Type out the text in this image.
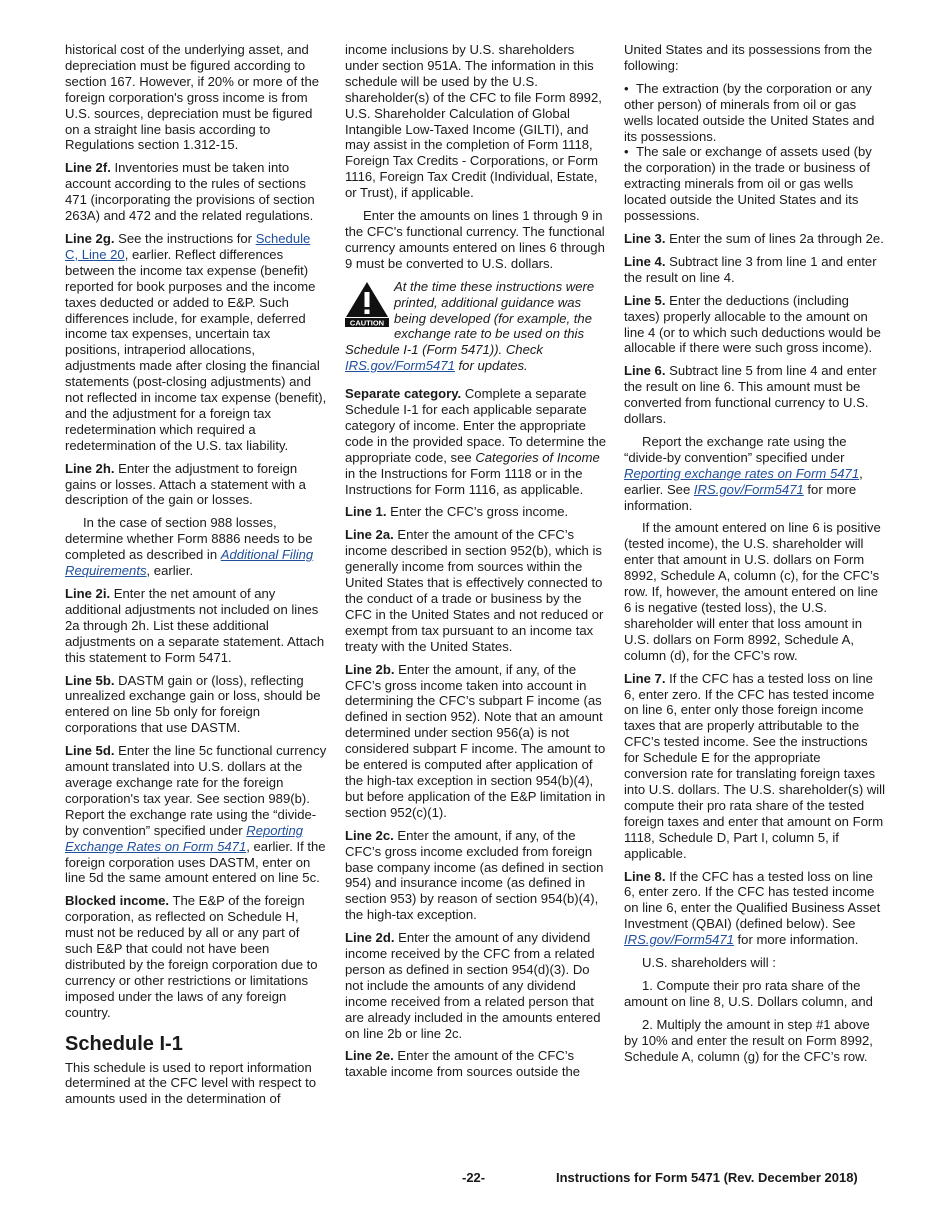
historical cost of the underlying asset, and depreciation must be figured according to section 167. However, if 20% or more of the foreign corporation's gross income is from U.S. sources, depreciation must be figured on a straight line basis according to Regulations section 1.312-15.

Line 2f. Inventories must be taken into account according to the rules of sections 471 (incorporating the provisions of section 263A) and 472 and the related regulations.

Line 2g. See the instructions for Schedule C, Line 20, earlier. Reflect differences between the income tax expense (benefit) reported for book purposes and the income taxes deducted or added to E&P. Such differences include, for example, deferred income tax expenses, uncertain tax positions, intraperiod allocations, adjustments made after closing the financial statements (post-closing adjustments) and not reflected in income tax expense (benefit), and the adjustment for a foreign tax redetermination which required a redetermination of the U.S. tax liability.

Line 2h. Enter the adjustment to foreign gains or losses. Attach a statement with a description of the gain or losses.

In the case of section 988 losses, determine whether Form 8886 needs to be completed as described in Additional Filing Requirements, earlier.

Line 2i. Enter the net amount of any additional adjustments not included on lines 2a through 2h. List these additional adjustments on a separate statement. Attach this statement to Form 5471.

Line 5b. DASTM gain or (loss), reflecting unrealized exchange gain or loss, should be entered on line 5b only for foreign corporations that use DASTM.

Line 5d. Enter the line 5c functional currency amount translated into U.S. dollars at the average exchange rate for the foreign corporation's tax year. See section 989(b). Report the exchange rate using the “divide-by convention” specified under Reporting Exchange Rates on Form 5471, earlier. If the foreign corporation uses DASTM, enter on line 5d the same amount entered on line 5c.

Blocked income. The E&P of the foreign corporation, as reflected on Schedule H, must not be reduced by all or any part of such E&P that could not have been distributed by the foreign corporation due to currency or other restrictions or limitations imposed under the laws of any foreign country.

Schedule I-1

This schedule is used to report information determined at the CFC level with respect to amounts used in the determination of

income inclusions by U.S. shareholders under section 951A. The information in this schedule will be used by the U.S. shareholder(s) of the CFC to file Form 8992, U.S. Shareholder Calculation of Global Intangible Low-Taxed Income (GILTI), and may assist in the completion of Form 1118, Foreign Tax Credits - Corporations, or Form 1116, Foreign Tax Credit (Individual, Estate, or Trust), if applicable.

Enter the amounts on lines 1 through 9 in the CFC's functional currency. The functional currency amounts entered on lines 6 through 9 must be converted to U.S. dollars.

CAUTION

At the time these instructions were printed, additional guidance was being developed (for example, the exchange rate to be used on this Schedule I-1 (Form 5471)). Check IRS.gov/Form5471 for updates.

Separate category. Complete a separate Schedule I-1 for each applicable separate category of income. Enter the appropriate code in the provided space. To determine the appropriate code, see Categories of Income in the Instructions for Form 1118 or in the Instructions for Form 1116, as applicable.

Line 1. Enter the CFC’s gross income.

Line 2a. Enter the amount of the CFC’s income described in section 952(b), which is generally income from sources within the United States that is effectively connected to the conduct of a trade or business by the CFC in the United States and not reduced or exempt from tax pursuant to an income tax treaty with the United States.

Line 2b. Enter the amount, if any, of the CFC’s gross income taken into account in determining the CFC’s subpart F income (as defined in section 952). Note that an amount determined under section 956(a) is not considered subpart F income. The amount to be entered is computed after application of the high-tax exception in section 954(b)(4), but before application of the E&P limitation in section 952(c)(1).

Line 2c. Enter the amount, if any, of the CFC’s gross income excluded from foreign base company income (as defined in section 954) and insurance income (as defined in section 953) by reason of section 954(b)(4), the high-tax exception.

Line 2d. Enter the amount of any dividend income received by the CFC from a related person as defined in section 954(d)(3). Do not include the amounts of any dividend income received from a related person that are already included in the amounts entered on line 2b or line 2c.

Line 2e. Enter the amount of the CFC’s taxable income from sources outside the

United States and its possessions from the following:

• The extraction (by the corporation or any other person) of minerals from oil or gas wells located outside the United States and its possessions.

• The sale or exchange of assets used (by the corporation) in the trade or business of extracting minerals from oil or gas wells located outside the United States and its possessions.

Line 3. Enter the sum of lines 2a through 2e.

Line 4. Subtract line 3 from line 1 and enter the result on line 4.

Line 5. Enter the deductions (including taxes) properly allocable to the amount on line 4 (or to which such deductions would be allocable if there were such gross income).

Line 6. Subtract line 5 from line 4 and enter the result on line 6. This amount must be converted from functional currency to U.S. dollars.

Report the exchange rate using the “divide-by convention” specified under Reporting exchange rates on Form 5471, earlier. See IRS.gov/Form5471 for more information.

If the amount entered on line 6 is positive (tested income), the U.S. shareholder will enter that amount in U.S. dollars on Form 8992, Schedule A, column (c), for the CFC’s row. If, however, the amount entered on line 6 is negative (tested loss), the U.S. shareholder will enter that loss amount in U.S. dollars on Form 8992, Schedule A, column (d), for the CFC’s row.

Line 7. If the CFC has a tested loss on line 6, enter zero. If the CFC has tested income on line 6, enter only those foreign income taxes that are properly attributable to the CFC’s tested income. See the instructions for Schedule E for the appropriate conversion rate for translating foreign taxes into U.S. dollars. The U.S. shareholder(s) will compute their pro rata share of the tested foreign taxes and enter that amount on Form 1118, Schedule D, Part I, column 5, if applicable.

Line 8. If the CFC has a tested loss on line 6, enter zero. If the CFC has tested income on line 6, enter the Qualified Business Asset Investment (QBAI) (defined below). See IRS.gov/Form5471 for more information.

U.S. shareholders will :

1. Compute their pro rata share of the amount on line 8, U.S. Dollars column, and

2. Multiply the amount in step #1 above by 10% and enter the result on Form 8992, Schedule A, column (g) for the CFC’s row.

-22-	Instructions for Form 5471 (Rev. December 2018)
